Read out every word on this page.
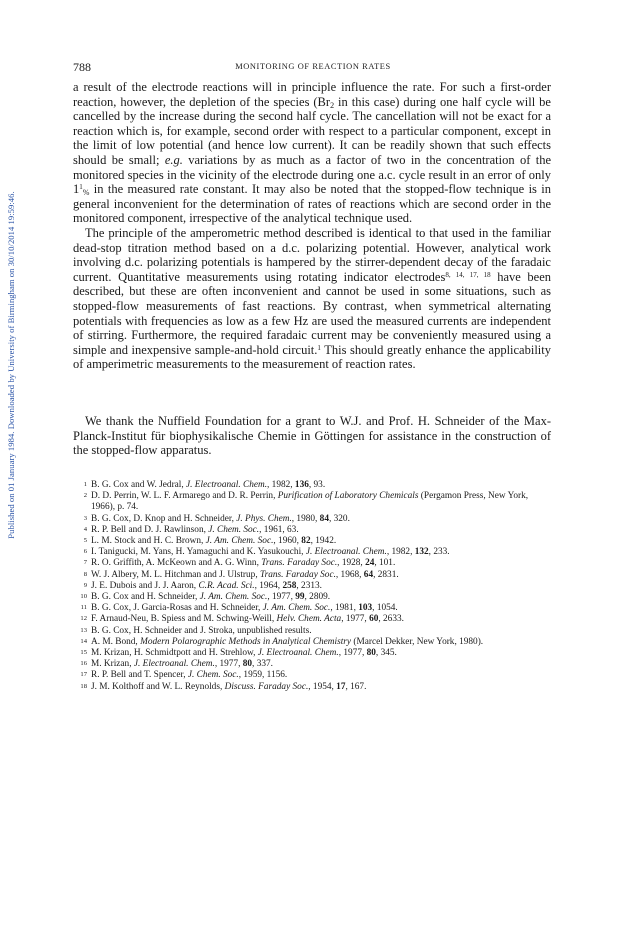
Published on 01 January 1984. Downloaded by University of Birmingham on 30/10/2014 19:59:46.
788	MONITORING OF REACTION RATES

a result of the electrode reactions will in principle influence the rate. For such a first-order reaction, however, the depletion of the species ($Br_2$ in this case) during one half cycle will be cancelled by the increase during the second half cycle. The cancellation will not be exact for a reaction which is, for example, second order with respect to a particular component, except in the limit of low potential (and hence low current). It can be readily shown that such effects should be small; e.g. variations by as much as a factor of two in the concentration of the monitored species in the vicinity of the electrode during one a.c. cycle result in an error of only $1^1_{\%}$ in the measured rate constant. It may also be noted that the stopped-flow technique is in general inconvenient for the determination of rates of reactions which are second order in the monitored component, irrespective of the analytical technique used.

The principle of the amperometric method described is identical to that used in the familiar dead-stop titration method based on a d.c. polarizing potential. However, analytical work involving d.c. polarizing potentials is hampered by the stirrer-dependent decay of the faradaic current. Quantitative measurements using rotating indicator electrodes$^{8, 14, 17, 18}$ have been described, but these are often inconvenient and cannot be used in some situations, such as stopped-flow measurements of fast reactions. By contrast, when symmetrical alternating potentials with frequencies as low as a few Hz are used the measured currents are independent of stirring. Furthermore, the required faradaic current may be conveniently measured using a simple and inexpensive sample-and-hold circuit.$^1$ This should greatly enhance the applicability of amperimetric measurements to the measurement of reaction rates.

We thank the Nuffield Foundation for a grant to W.J. and Prof. H. Schneider of the Max-Planck-Institut für biophysikalische Chemie in Göttingen for assistance in the construction of the stopped-flow apparatus.

1 B. G. Cox and W. Jedral, J. Electroanal. Chem., 1982, 136, 93.
2 D. D. Perrin, W. L. F. Armarego and D. R. Perrin, Purification of Laboratory Chemicals (Pergamon Press, New York, 1966), p. 74.
3 B. G. Cox, D. Knop and H. Schneider, J. Phys. Chem., 1980, 84, 320.
4 R. P. Bell and D. J. Rawlinson, J. Chem. Soc., 1961, 63.
5 L. M. Stock and H. C. Brown, J. Am. Chem. Soc., 1960, 82, 1942.
6 I. Tanigucki, M. Yans, H. Yamaguchi and K. Yasukouchi, J. Electroanal. Chem., 1982, 132, 233.
7 R. O. Griffith, A. McKeown and A. G. Winn, Trans. Faraday Soc., 1928, 24, 101.
8 W. J. Albery, M. L. Hitchman and J. Ulstrup, Trans. Faraday Soc., 1968, 64, 2831.
9 J. E. Dubois and J. J. Aaron, C.R. Acad. Sci., 1964, 258, 2313.
10 B. G. Cox and H. Schneider, J. Am. Chem. Soc., 1977, 99, 2809.
11 B. G. Cox, J. Garcia-Rosas and H. Schneider, J. Am. Chem. Soc., 1981, 103, 1054.
12 F. Arnaud-Neu, B. Spiess and M. Schwing-Weill, Helv. Chem. Acta, 1977, 60, 2633.
13 B. G. Cox, H. Schneider and J. Stroka, unpublished results.
14 A. M. Bond, Modern Polarographic Methods in Analytical Chemistry (Marcel Dekker, New York, 1980).
15 M. Krizan, H. Schmidtpott and H. Strehlow, J. Electroanal. Chem., 1977, 80, 345.
16 M. Krizan, J. Electroanal. Chem., 1977, 80, 337.
17 R. P. Bell and T. Spencer, J. Chem. Soc., 1959, 1156.
18 J. M. Kolthoff and W. L. Reynolds, Discuss. Faraday Soc., 1954, 17, 167.
